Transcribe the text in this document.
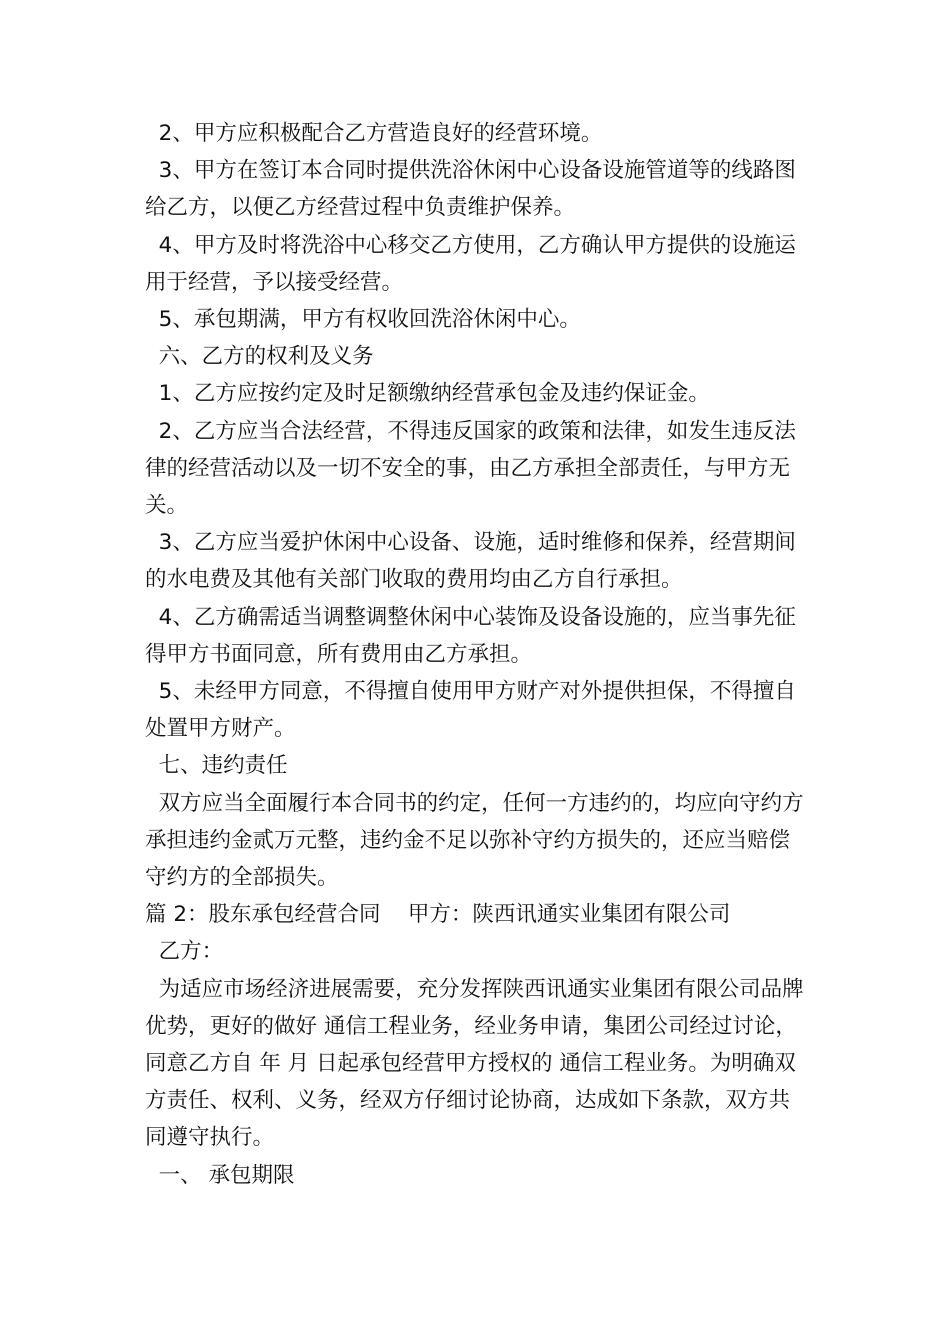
2、甲方应积极配合乙方营造良好的经营环境。

3、甲方在签订本合同时提供洗浴休闲中心设备设施管道等的线路图给乙方，以便乙方经营过程中负责维护保养。

4、甲方及时将洗浴中心移交乙方使用，乙方确认甲方提供的设施运用于经营，予以接受经营。

5、承包期满，甲方有权收回洗浴休闲中心。

六、乙方的权利及义务

1、乙方应按约定及时足额缴纳经营承包金及违约保证金。

2、乙方应当合法经营，不得违反国家的政策和法律，如发生违反法律的经营活动以及一切不安全的事，由乙方承担全部责任，与甲方无关。

3、乙方应当爱护休闲中心设备、设施，适时维修和保养，经营期间的水电费及其他有关部门收取的费用均由乙方自行承担。

4、乙方确需适当调整调整休闲中心装饰及设备设施的，应当事先征得甲方书面同意，所有费用由乙方承担。

5、未经甲方同意，不得擅自使用甲方财产对外提供担保，不得擅自处置甲方财产。

七、违约责任

双方应当全面履行本合同书的约定，任何一方违约的，均应向守约方承担违约金贰万元整，违约金不足以弥补守约方损失的，还应当赔偿守约方的全部损失。

篇 2：股东承包经营合同    甲方：陕西讯通实业集团有限公司

乙方：

为适应市场经济进展需要，充分发挥陕西讯通实业集团有限公司品牌优势，更好的做好 通信工程业务，经业务申请，集团公司经过讨论，同意乙方自 年 月 日起承包经营甲方授权的 通信工程业务。为明确双方责任、权利、义务，经双方仔细讨论协商，达成如下条款，双方共同遵守执行。

一、 承包期限
